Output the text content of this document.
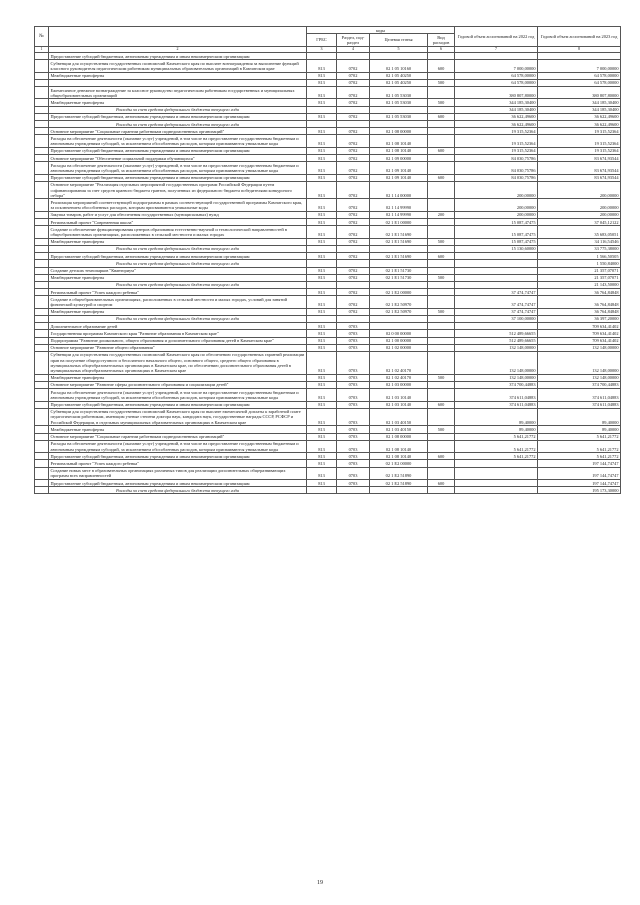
№		коды				Годовой объем ассигнований на 2022 год	Годовой объем ассигнований на 2023 год
		ГРБС	Раздел, под-раздел	Целевая статья	Вид расходов		
1	2	3	4	5	6	7	8
	Предоставление субсидий бюджетным, автономным учреждениям и иным некоммерческим организациям						
	Субвенции для осуществления государственных полномочий Камчатского края по выплате вознаграждения за выполнение функций классного руководителя педагогическим работникам муниципальных образовательных организаций в Камчатском крае	813	0702	02 1 05 10160	600	7 000,00000	7 000,00000
	Межбюджетные трансферты	813	0702	02 1 05 40250		64 578,00000	64 578,00000
		813	0702	02 1 05 40250	500	64 578,00000	64 578,00000
	Ежемесячное денежное вознаграждение за классное руководство педагогическим работникам государственных и муниципальных общеобразовательных организаций	813	0702	02 1 05 53030		380 807,80000	380 807,80000
	Межбюджетные трансферты	813	0702	02 1 05 53030	500	344 185,30400	344 185,30400
	Расходы за счет средств федерального бюджета текущего года					344 185,30400	344 185,30400
	Предоставление субсидий бюджетным, автономным учреждениям и иным некоммерческим организациям	813	0702	02 1 05 53030	600	36 622,49600	36 622,49600
	Расходы за счет средств федерального бюджета текущего года					36 622,49600	36 622,49600
	Основное мероприятие "Социальные гарантии работникам подведомственных организаций"	813	0702	02 1 08 00000		19 315,52364	19 315,52364
	Расходы на обеспечение деятельности (оказание услуг) учреждений, в том числе на предоставление государственным бюджетным и автономным учреждениям субсидий, за исключением обособленных расходов, которым присваиваются уникальные коды	813	0702	02 1 08 10140		19 315,52364	19 315,52364
	Предоставление субсидий бюджетным, автономным учреждениям и иным некоммерческим организациям	813	0702	02 1 08 10140	600	19 315,52364	19 315,52364
	Основное мероприятие "Обеспечение социальной поддержки обучающихся"	813	0702	02 1 09 00000		84 030,75786	83 674,93544
	Расходы на обеспечение деятельности (оказание услуг) учреждений, в том числе на предоставление государственным бюджетным и автономным учреждениям субсидий, за исключением обособленных расходов, которым присваиваются уникальные коды	813	0702	02 1 09 10140		84 030,75786	83 674,93544
	Предоставление субсидий бюджетным, автономным учреждениям и иным некоммерческим организациям	813	0702	02 1 09 10140	600	84 030,75786	83 674,93544
	Основное мероприятие "Реализация отдельных мероприятий государственных программ Российской Федерации путем софинансирования за счет средств краевого бюджета грантов, полученных из федерального бюджета победителями конкурсного отбора"	813	0702	02 1 14 00000		200,00000	200,00000
	Реализация мероприятий соответствующей подпрограммы в рамках соответствующей государственной программы Камчатского края, за исключением обособленных расходов, которым присваиваются уникальные коды	813	0702	02 1 14 99990		200,00000	200,00000
	Закупка товаров, работ и услуг для обеспечения государственных (муниципальных) нужд	813	0702	02 1 14 99990	200	200,00000	200,00000
	Региональный проект "Современная школа"	813	0702	02 1 E1 00000		15 087,47475	37 045,12122
	Создание и обеспечение функционирования центров образования естественно-научной и технологической направленностей в общеобразовательных организациях, расположенных в сельской местности и малых городах	813	0702	02 1 E1 51690		15 087,47475	35 683,05051
	Межбюджетные трансферты	813	0702	02 1 E1 51690	500	15 087,47475	34 116,54546
	Расходы за счет средств федерального бюджета текущего года					15 130,60000	33 775,38000
	Предоставление субсидий бюджетным, автономным учреждениям и иным некоммерческим организациям	813	0702	02 1 E1 51690	600		1 566,50505
	Расходы за счет средств федерального бюджета текущего года						1 550,84000
	Создание детских технопарков "Кванториум"	813	0702	02 1 E1 51730			21 357,07071
	Межбюджетные трансферты	813	0702	02 1 E1 51730	500		21 357,07071
	Расходы за счет средств федерального бюджета текущего года						21 143,50000
	Региональный проект "Успех каждого ребенка"	813	0702	02 1 E2 00000		37 474,74747	36 764,84848
	Создание в общеобразовательных организациях, расположенных в сельской местности и малых городах, условий для занятий физической культурой и спортом	813	0702	02 1 E2 50970		37 474,74747	36 764,84848
	Межбюджетные трансферты	813	0702	02 1 E2 50970	500	37 474,74747	36 764,84848
	Расходы за счет средств федерального бюджета текущего года					37 100,00000	36 397,20000
	Дополнительное образование детей	813	0703				709 634,41402
	Государственная программа Камчатского края "Развитие образования в Камчатском крае"	813	0703	02 0 00 00000		512 489,66655	709 634,41402
	Подпрограмма "Развитие дошкольного, общего образования и дополнительного образования детей в Камчатском крае"	813	0703	02 1 00 00000		512 489,66655	709 634,41402
	Основное мероприятие "Развитие общего образования"	813	0703	02 1 02 00000		132 148,00000	132 148,00000
	Субвенции для осуществления государственных полномочий Камчатского края по обеспечению государственных гарантий реализации прав на получение общедоступного и бесплатного начального общего, основного общего, среднего общего образования в муниципальных общеобразовательных организациях в Камчатском крае, по обеспечению дополнительного образования детей в муниципальных общеобразовательных организациях в Камчатском крае	813	0703	02 1 02 40170		132 148,00000	132 148,00000
	Межбюджетные трансферты	813	0703	02 1 02 40170	500	132 148,00000	132 148,00000
	Основное мероприятие "Развитие сферы дополнительного образования и социализации детей"	813	0703	02 1 03 00000		374 700,44883	374 700,44883
	Расходы на обеспечение деятельности (оказание услуг) учреждений, в том числе на предоставление государственным бюджетным и автономным учреждениям субсидий, за исключением обособленных расходов, которым присваиваются уникальные коды	813	0703	02 1 03 10140		374 611,04883	374 611,04883
	Предоставление субсидий бюджетным, автономным учреждениям и иным некоммерческим организациям	813	0703	02 1 03 10140	600	374 611,04883	374 611,04883
	Субвенции для осуществления государственных полномочий Камчатского края по выплате ежемесячной доплаты к заработной плате педагогическим работникам, имеющим ученые степени доктора наук, кандидата наук, государственные награды СССР, РСФСР и Российской Федерации, в отдельных муниципальных образовательных организациях в Камчатском крае	813	0703	02 1 03 40150		89,40000	89,40000
	Межбюджетные трансферты	813	0703	02 1 03 40150	500	89,40000	89,40000
	Основное мероприятие "Социальные гарантии работникам подведомственных организаций"	813	0703	02 1 08 00000		5 641,21772	5 641,21772
	Расходы на обеспечение деятельности (оказание услуг) учреждений, в том числе на предоставление государственным бюджетным и автономным учреждениям субсидий, за исключением обособленных расходов, которым присваиваются уникальные коды	813	0703	02 1 08 10140		5 641,21772	5 641,21772
	Предоставление субсидий бюджетным, автономным учреждениям и иным некоммерческим организациям	813	0703	02 1 08 10140	600	5 641,21772	5 641,21772
	Региональный проект "Успех каждого ребенка"	813	0703	02 1 E2 00000			197 144,74747
	Создание новых мест в образовательных организациях различных типов для реализации дополнительных общеразвивающих программ всех направленностей	813	0703	02 1 E2 51890			197 144,74747
	Предоставление субсидий бюджетным, автономным учреждениям и иным некоммерческим организациям	813	0703	02 1 E2 51890	600		197 144,74747
	Расходы за счет средств федерального бюджета текущего года						195 173,30000
19
